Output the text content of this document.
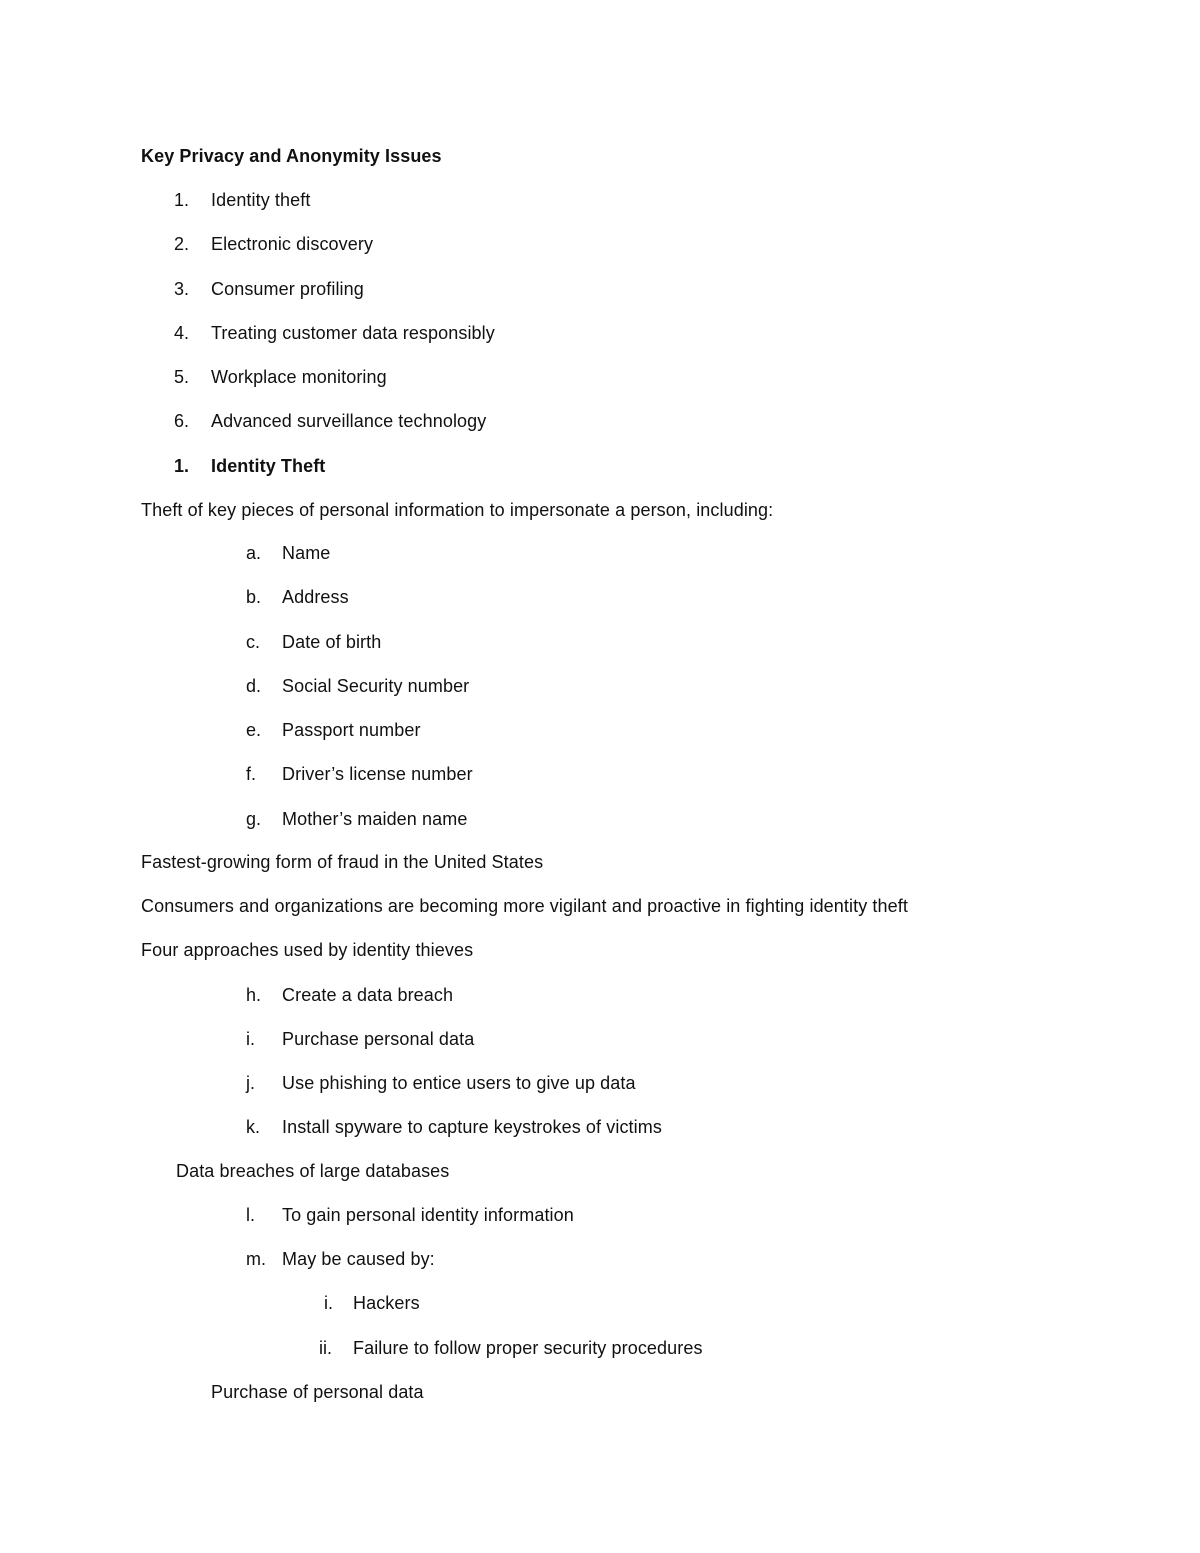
Key Privacy and Anonymity Issues
1. Identity theft
2. Electronic discovery
3. Consumer profiling
4. Treating customer data responsibly
5. Workplace monitoring
6. Advanced surveillance technology
1. Identity Theft
Theft of key pieces of personal information to impersonate a person, including:
a. Name
b. Address
c. Date of birth
d. Social Security number
e. Passport number
f. Driver’s license number
g. Mother’s maiden name
Fastest-growing form of fraud in the United States
Consumers and organizations are becoming more vigilant and proactive in fighting identity theft
Four approaches used by identity thieves
h. Create a data breach
i. Purchase personal data
j. Use phishing to entice users to give up data
k. Install spyware to capture keystrokes of victims
Data breaches of large databases
l. To gain personal identity information
m. May be caused by:
i. Hackers
ii. Failure to follow proper security procedures
Purchase of personal data
